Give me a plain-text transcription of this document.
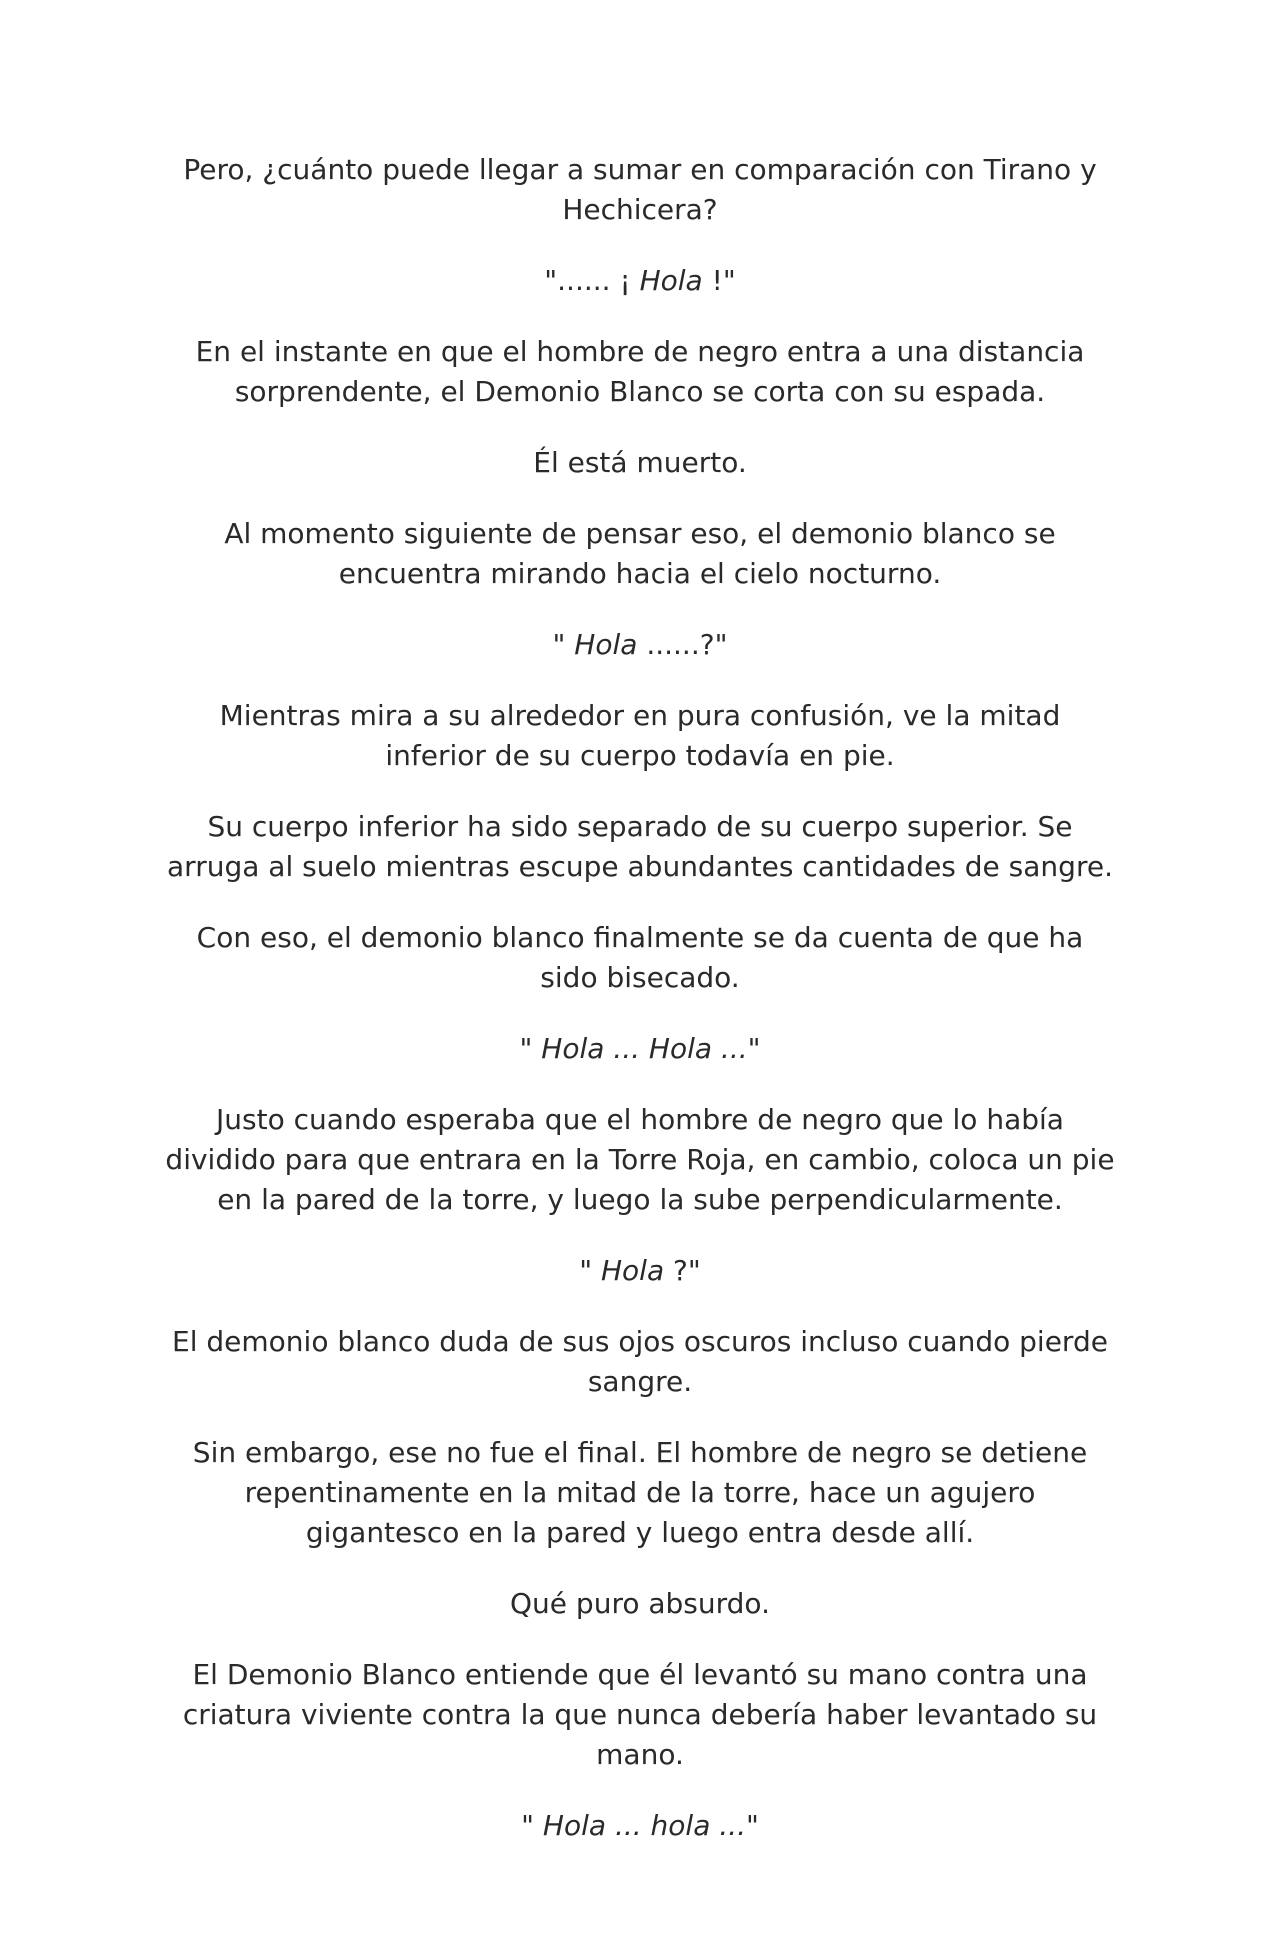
Pero, ¿cuánto puede llegar a sumar en comparación con Tirano y Hechicera?

"...... ¡ Hola !"

En el instante en que el hombre de negro entra a una distancia sorprendente, el Demonio Blanco se corta con su espada.

Él está muerto.

Al momento siguiente de pensar eso, el demonio blanco se encuentra mirando hacia el cielo nocturno.

" Hola ......?"

Mientras mira a su alrededor en pura confusión, ve la mitad inferior de su cuerpo todavía en pie.

Su cuerpo inferior ha sido separado de su cuerpo superior. Se arruga al suelo mientras escupe abundantes cantidades de sangre.

Con eso, el demonio blanco finalmente se da cuenta de que ha sido bisecado.

" Hola ... Hola ..."

Justo cuando esperaba que el hombre de negro que lo había dividido para que entrara en la Torre Roja, en cambio, coloca un pie en la pared de la torre, y luego la sube perpendicularmente.

" Hola ?"

El demonio blanco duda de sus ojos oscuros incluso cuando pierde sangre.

Sin embargo, ese no fue el final. El hombre de negro se detiene repentinamente en la mitad de la torre, hace un agujero gigantesco en la pared y luego entra desde allí.

Qué puro absurdo.

El Demonio Blanco entiende que él levantó su mano contra una criatura viviente contra la que nunca debería haber levantado su mano.

" Hola ... hola ..."
